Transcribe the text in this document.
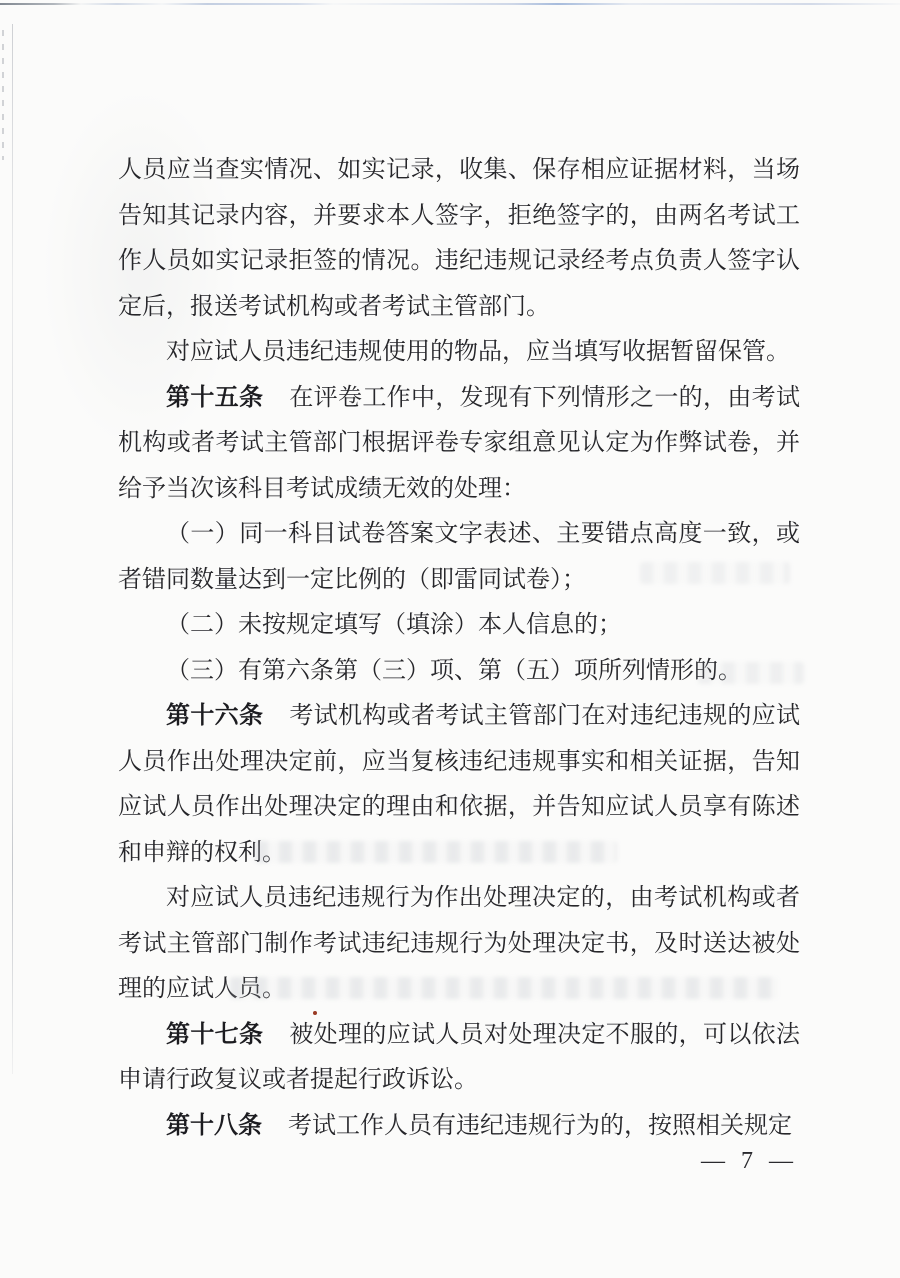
人员应当查实情况、如实记录，收集、保存相应证据材料，当场告知其记录内容，并要求本人签字，拒绝签字的，由两名考试工作人员如实记录拒签的情况。违纪违规记录经考点负责人签字认定后，报送考试机构或者考试主管部门。

对应试人员违纪违规使用的物品，应当填写收据暂留保管。

第十五条 在评卷工作中，发现有下列情形之一的，由考试机构或者考试主管部门根据评卷专家组意见认定为作弊试卷，并给予当次该科目考试成绩无效的处理：

（一）同一科目试卷答案文字表述、主要错点高度一致，或者错同数量达到一定比例的（即雷同试卷）；

（二）未按规定填写（填涂）本人信息的；

（三）有第六条第（三）项、第（五）项所列情形的。

第十六条 考试机构或者考试主管部门在对违纪违规的应试人员作出处理决定前，应当复核违纪违规事实和相关证据，告知应试人员作出处理决定的理由和依据，并告知应试人员享有陈述和申辩的权利。

对应试人员违纪违规行为作出处理决定的，由考试机构或者考试主管部门制作考试违纪违规行为处理决定书，及时送达被处理的应试人员。

第十七条 被处理的应试人员对处理决定不服的，可以依法申请行政复议或者提起行政诉讼。

第十八条 考试工作人员有违纪违规行为的，按照相关规定

— 7 —
